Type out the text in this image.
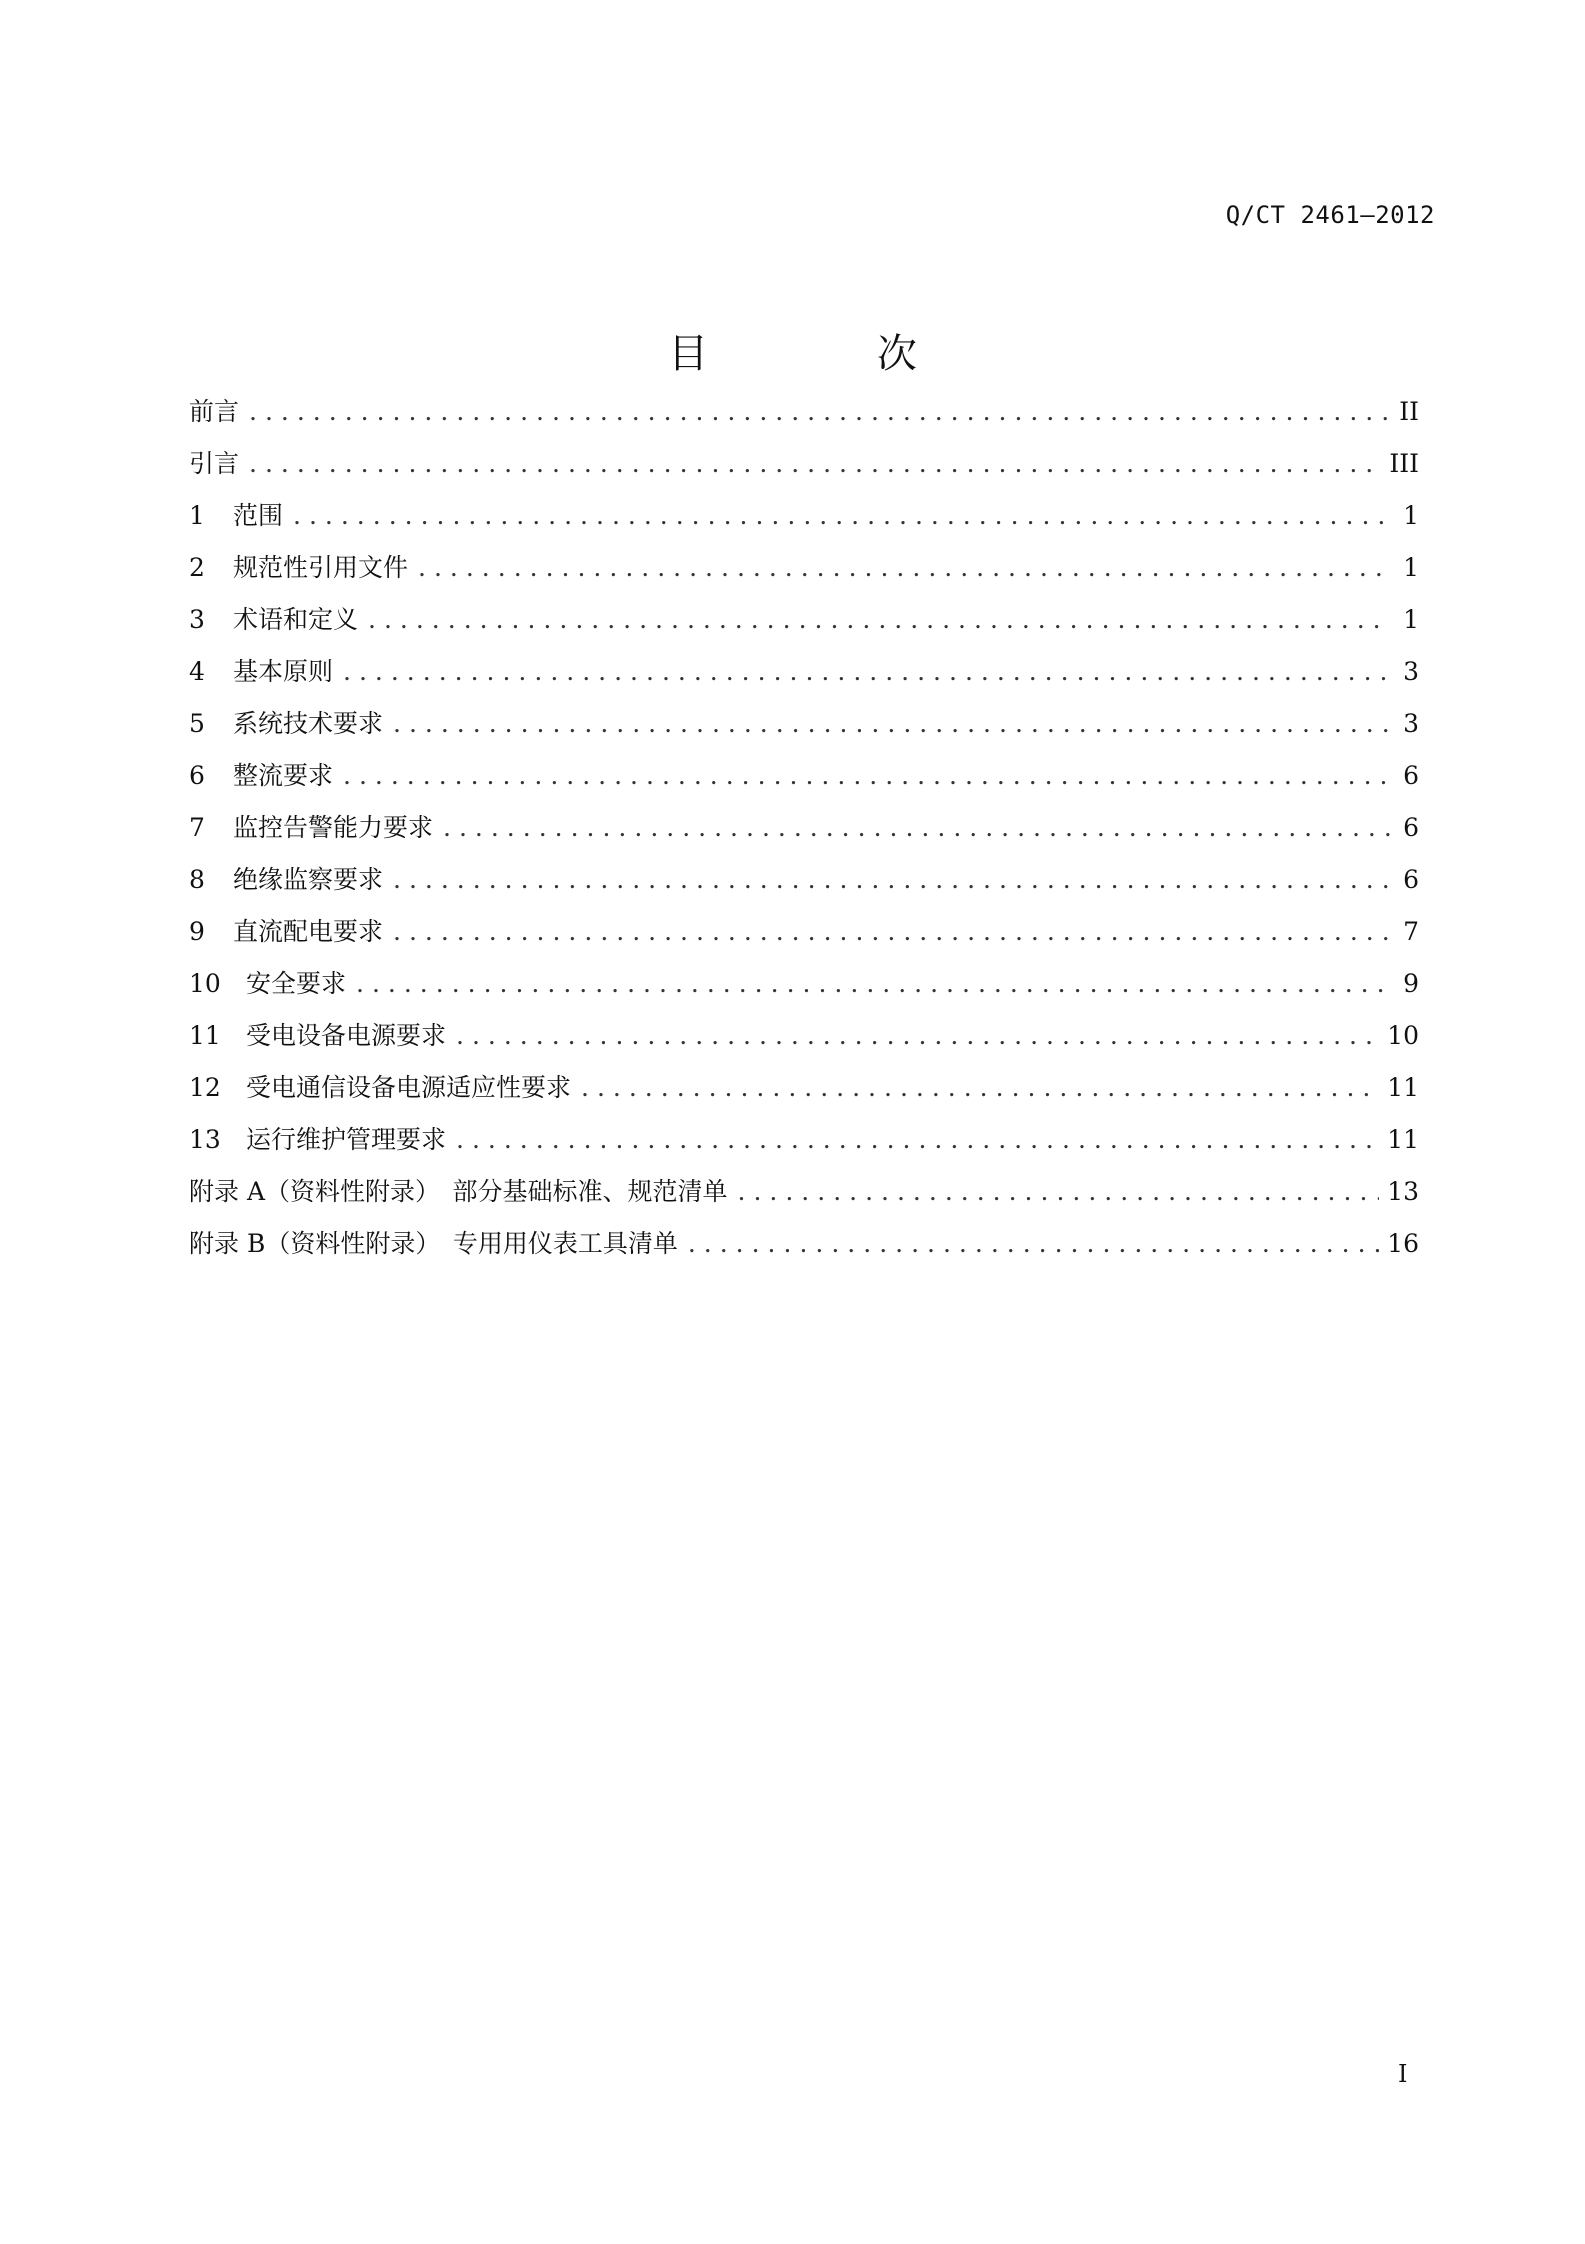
Q/CT 2461—2012
目 次
前言 .....	II
引言 .....	III
1	范围 .....	1
2	规范性引用文件 .....	1
3	术语和定义 .....	1
4	基本原则 .....	3
5	系统技术要求 .....	3
6	整流要求 .....	6
7	监控告警能力要求 .....	6
8	绝缘监察要求 .....	6
9	直流配电要求 .....	7
10	安全要求 .....	9
11	受电设备电源要求 .....	10
12	受电通信设备电源适应性要求 .....	11
13	运行维护管理要求 .....	11
附录 A（资料性附录）　部分基础标准、规范清单 .....	13
附录 B（资料性附录）　专用用仪表工具清单 .....	16
I
